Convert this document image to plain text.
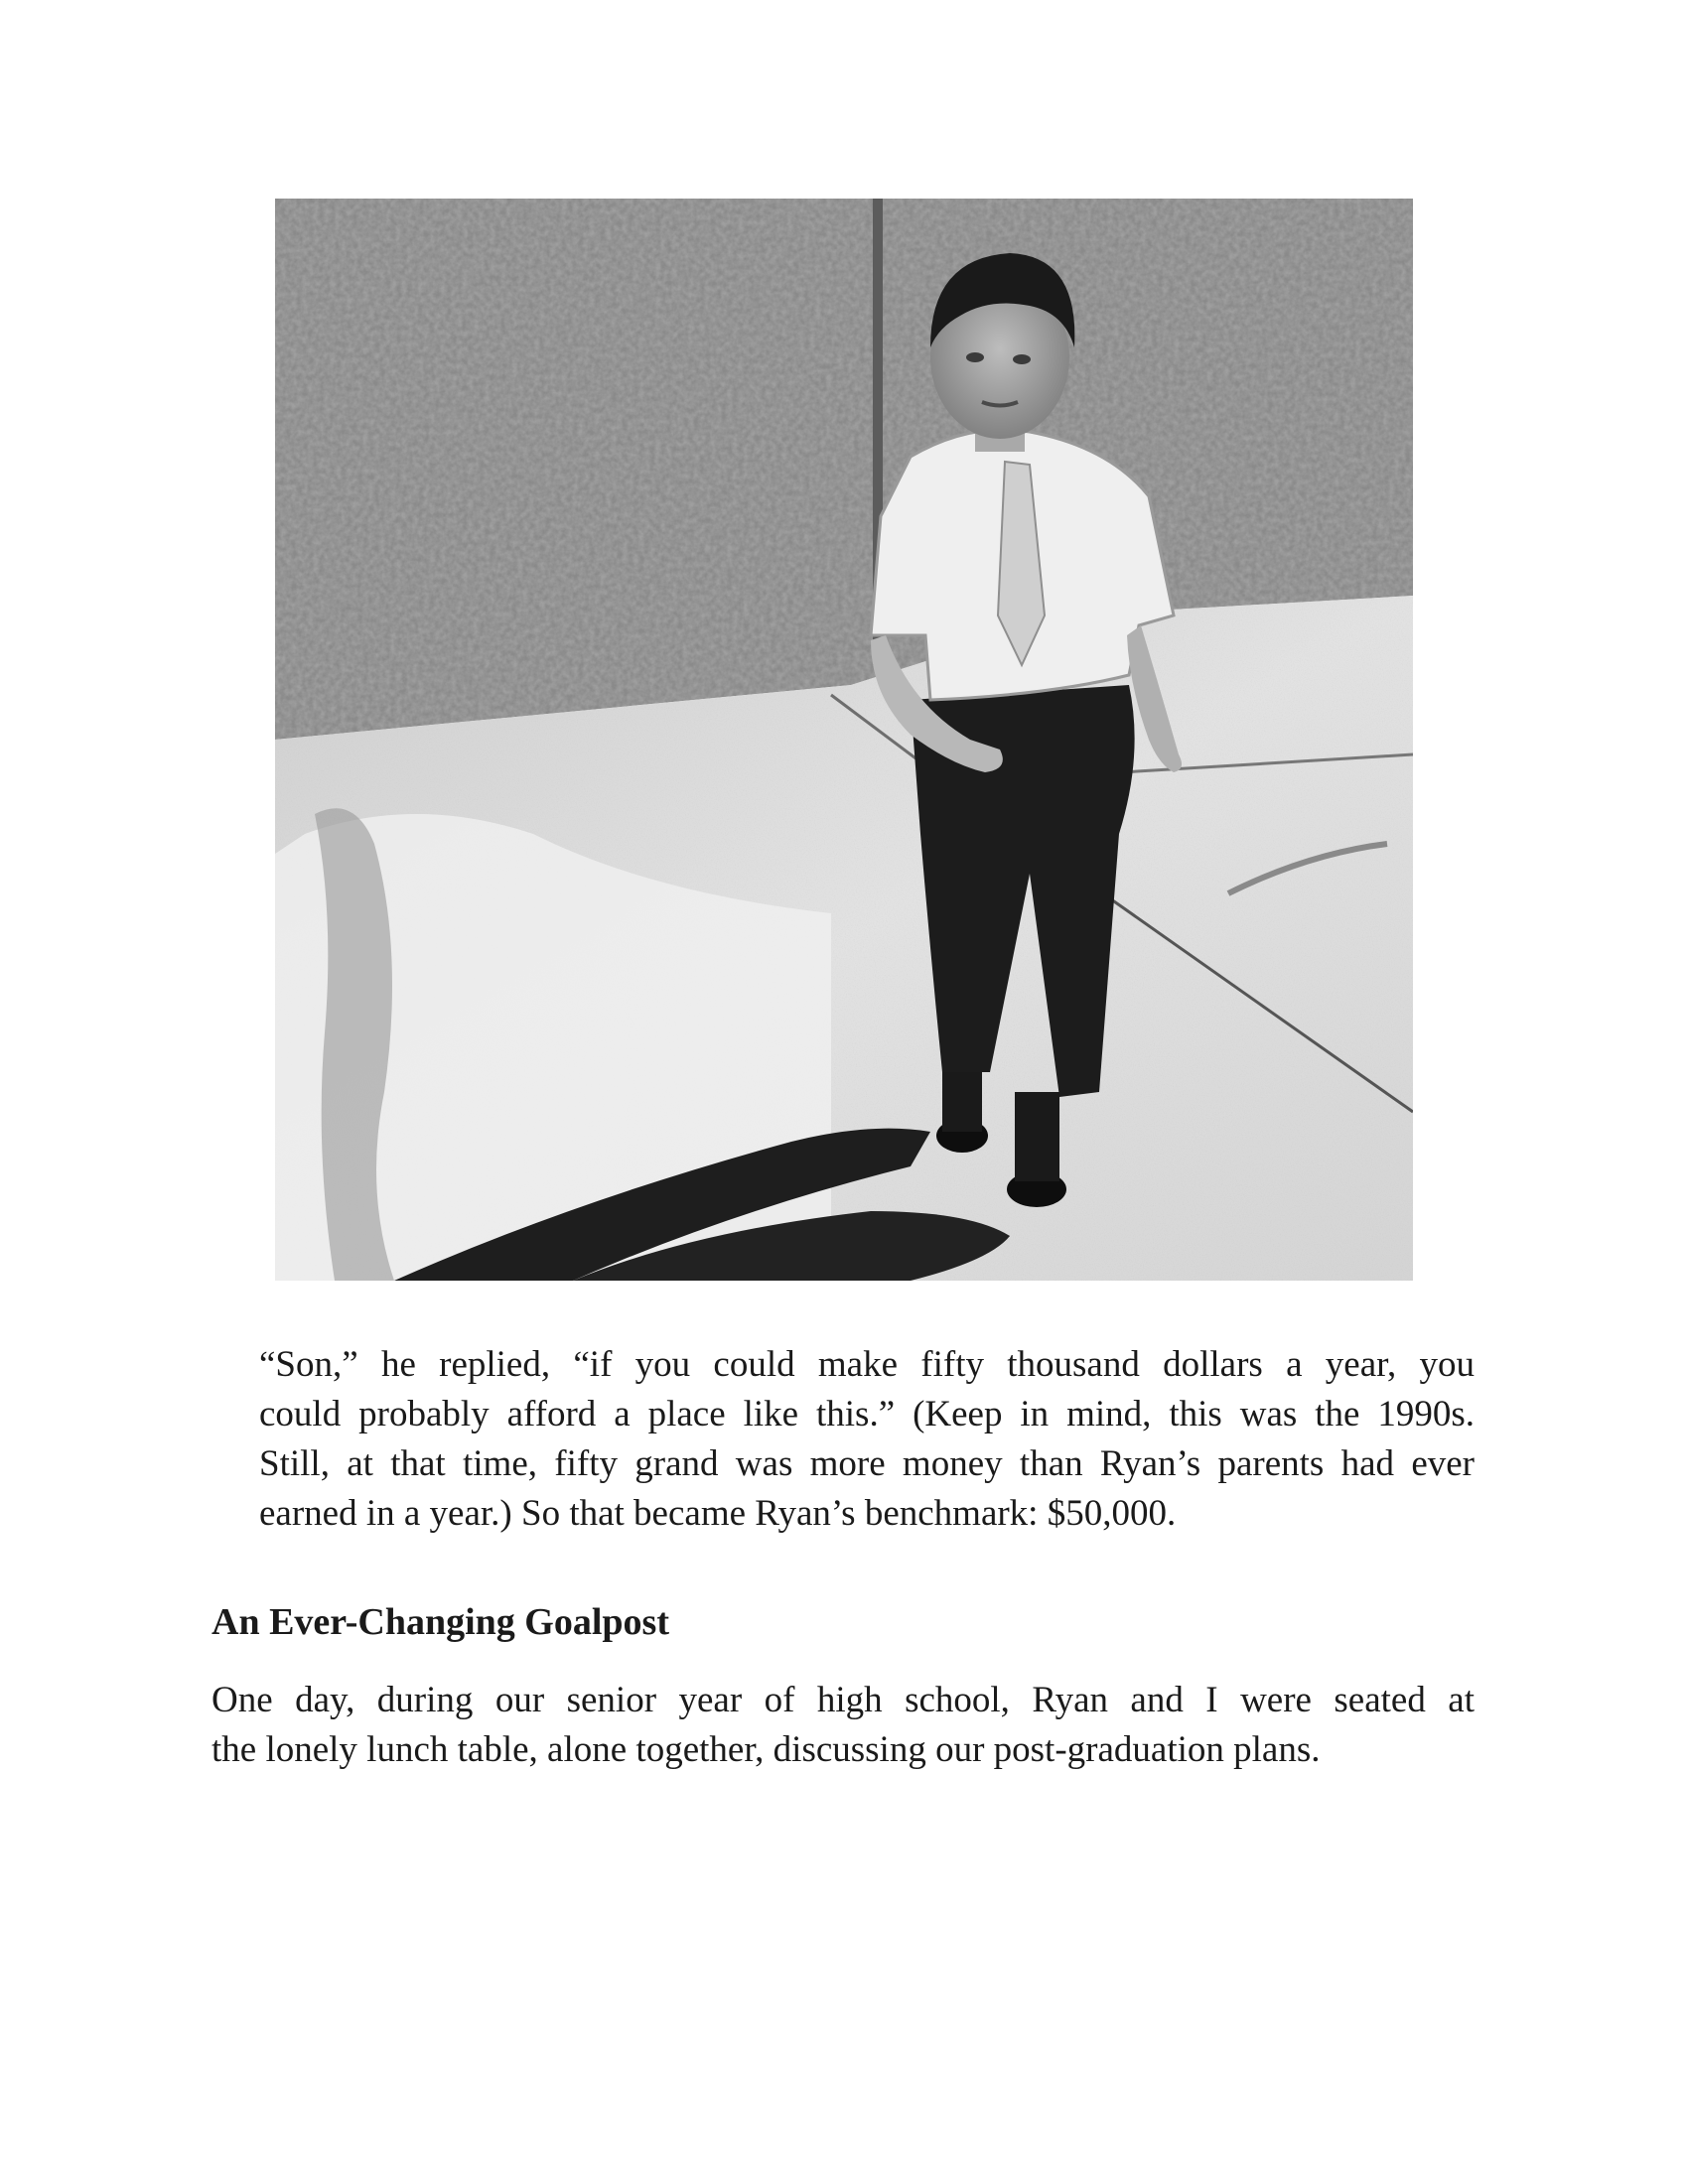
“Son,” he replied, “if you could make fifty thousand dollars a year, you
could probably afford a place like this.” (Keep in mind, this was the 1990s.
Still, at that time, fifty grand was more money than Ryan’s parents had ever
earned in a year.) So that became Ryan’s benchmark: $50,000.

An Ever-Changing Goalpost

One day, during our senior year of high school, Ryan and I were seated at
the lonely lunch table, alone together, discussing our post-graduation plans.
